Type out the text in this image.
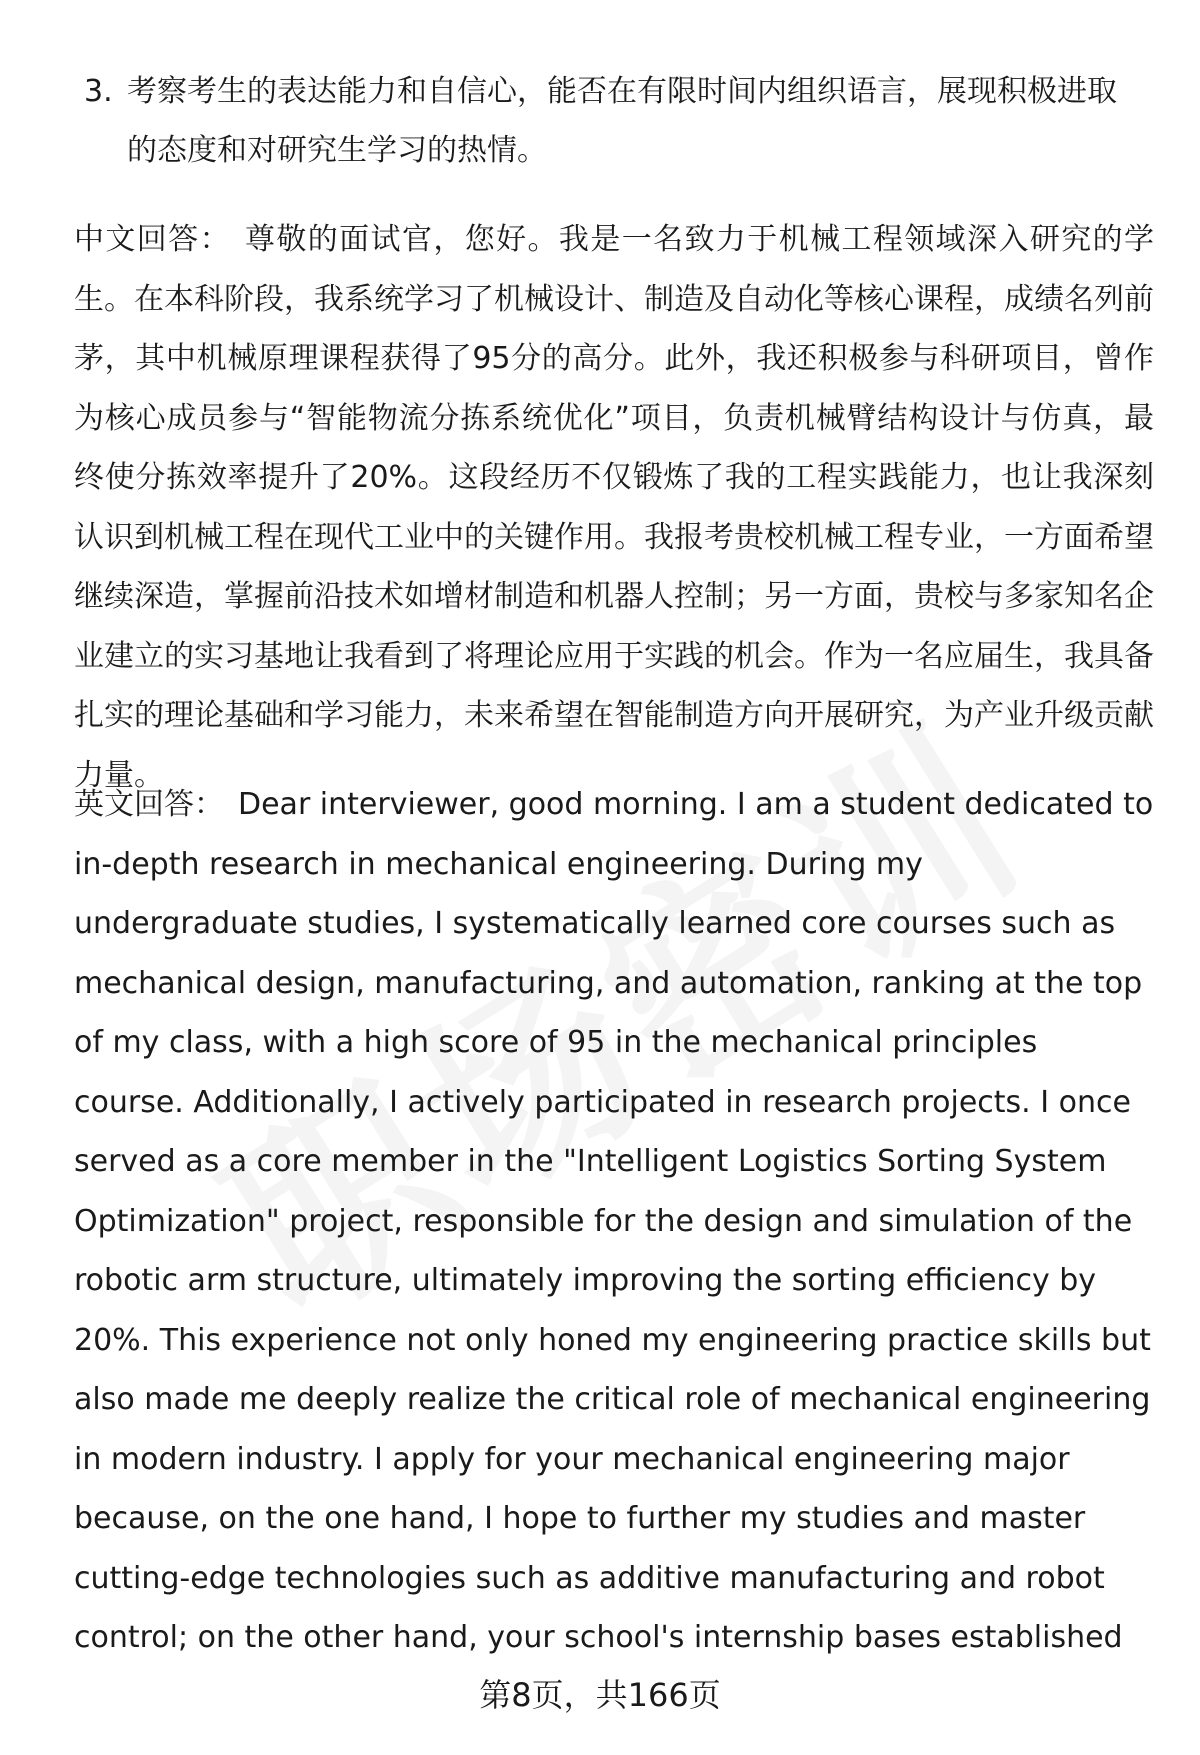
3. 考察考生的表达能力和自信心，能否在有限时间内组织语言，展现积极进取的态度和对研究生学习的热情。
中文回答： 尊敬的面试官，您好。我是一名致力于机械工程领域深入研究的学生。在本科阶段，我系统学习了机械设计、制造及自动化等核心课程，成绩名列前茅，其中机械原理课程获得了95分的高分。此外，我还积极参与科研项目，曾作为核心成员参与“智能物流分拣系统优化”项目，负责机械臂结构设计与仿真，最终使分拣效率提升了20%。这段经历不仅锻炼了我的工程实践能力，也让我深刻认识到机械工程在现代工业中的关键作用。我报考贵校机械工程专业，一方面希望继续深造，掌握前沿技术如增材制造和机器人控制；另一方面，贵校与多家知名企业建立的实习基地让我看到了将理论应用于实践的机会。作为一名应届生，我具备扎实的理论基础和学习能力，未来希望在智能制造方向开展研究，为产业升级贡献力量。
英文回答： Dear interviewer, good morning. I am a student dedicated to in-depth research in mechanical engineering. During my undergraduate studies, I systematically learned core courses such as mechanical design, manufacturing, and automation, ranking at the top of my class, with a high score of 95 in the mechanical principles course. Additionally, I actively participated in research projects. I once served as a core member in the "Intelligent Logistics Sorting System Optimization" project, responsible for the design and simulation of the robotic arm structure, ultimately improving the sorting efficiency by 20%. This experience not only honed my engineering practice skills but also made me deeply realize the critical role of mechanical engineering in modern industry. I apply for your mechanical engineering major because, on the one hand, I hope to further my studies and master cutting-edge technologies such as additive manufacturing and robot control; on the other hand, your school's internship bases established
第8页，共166页
